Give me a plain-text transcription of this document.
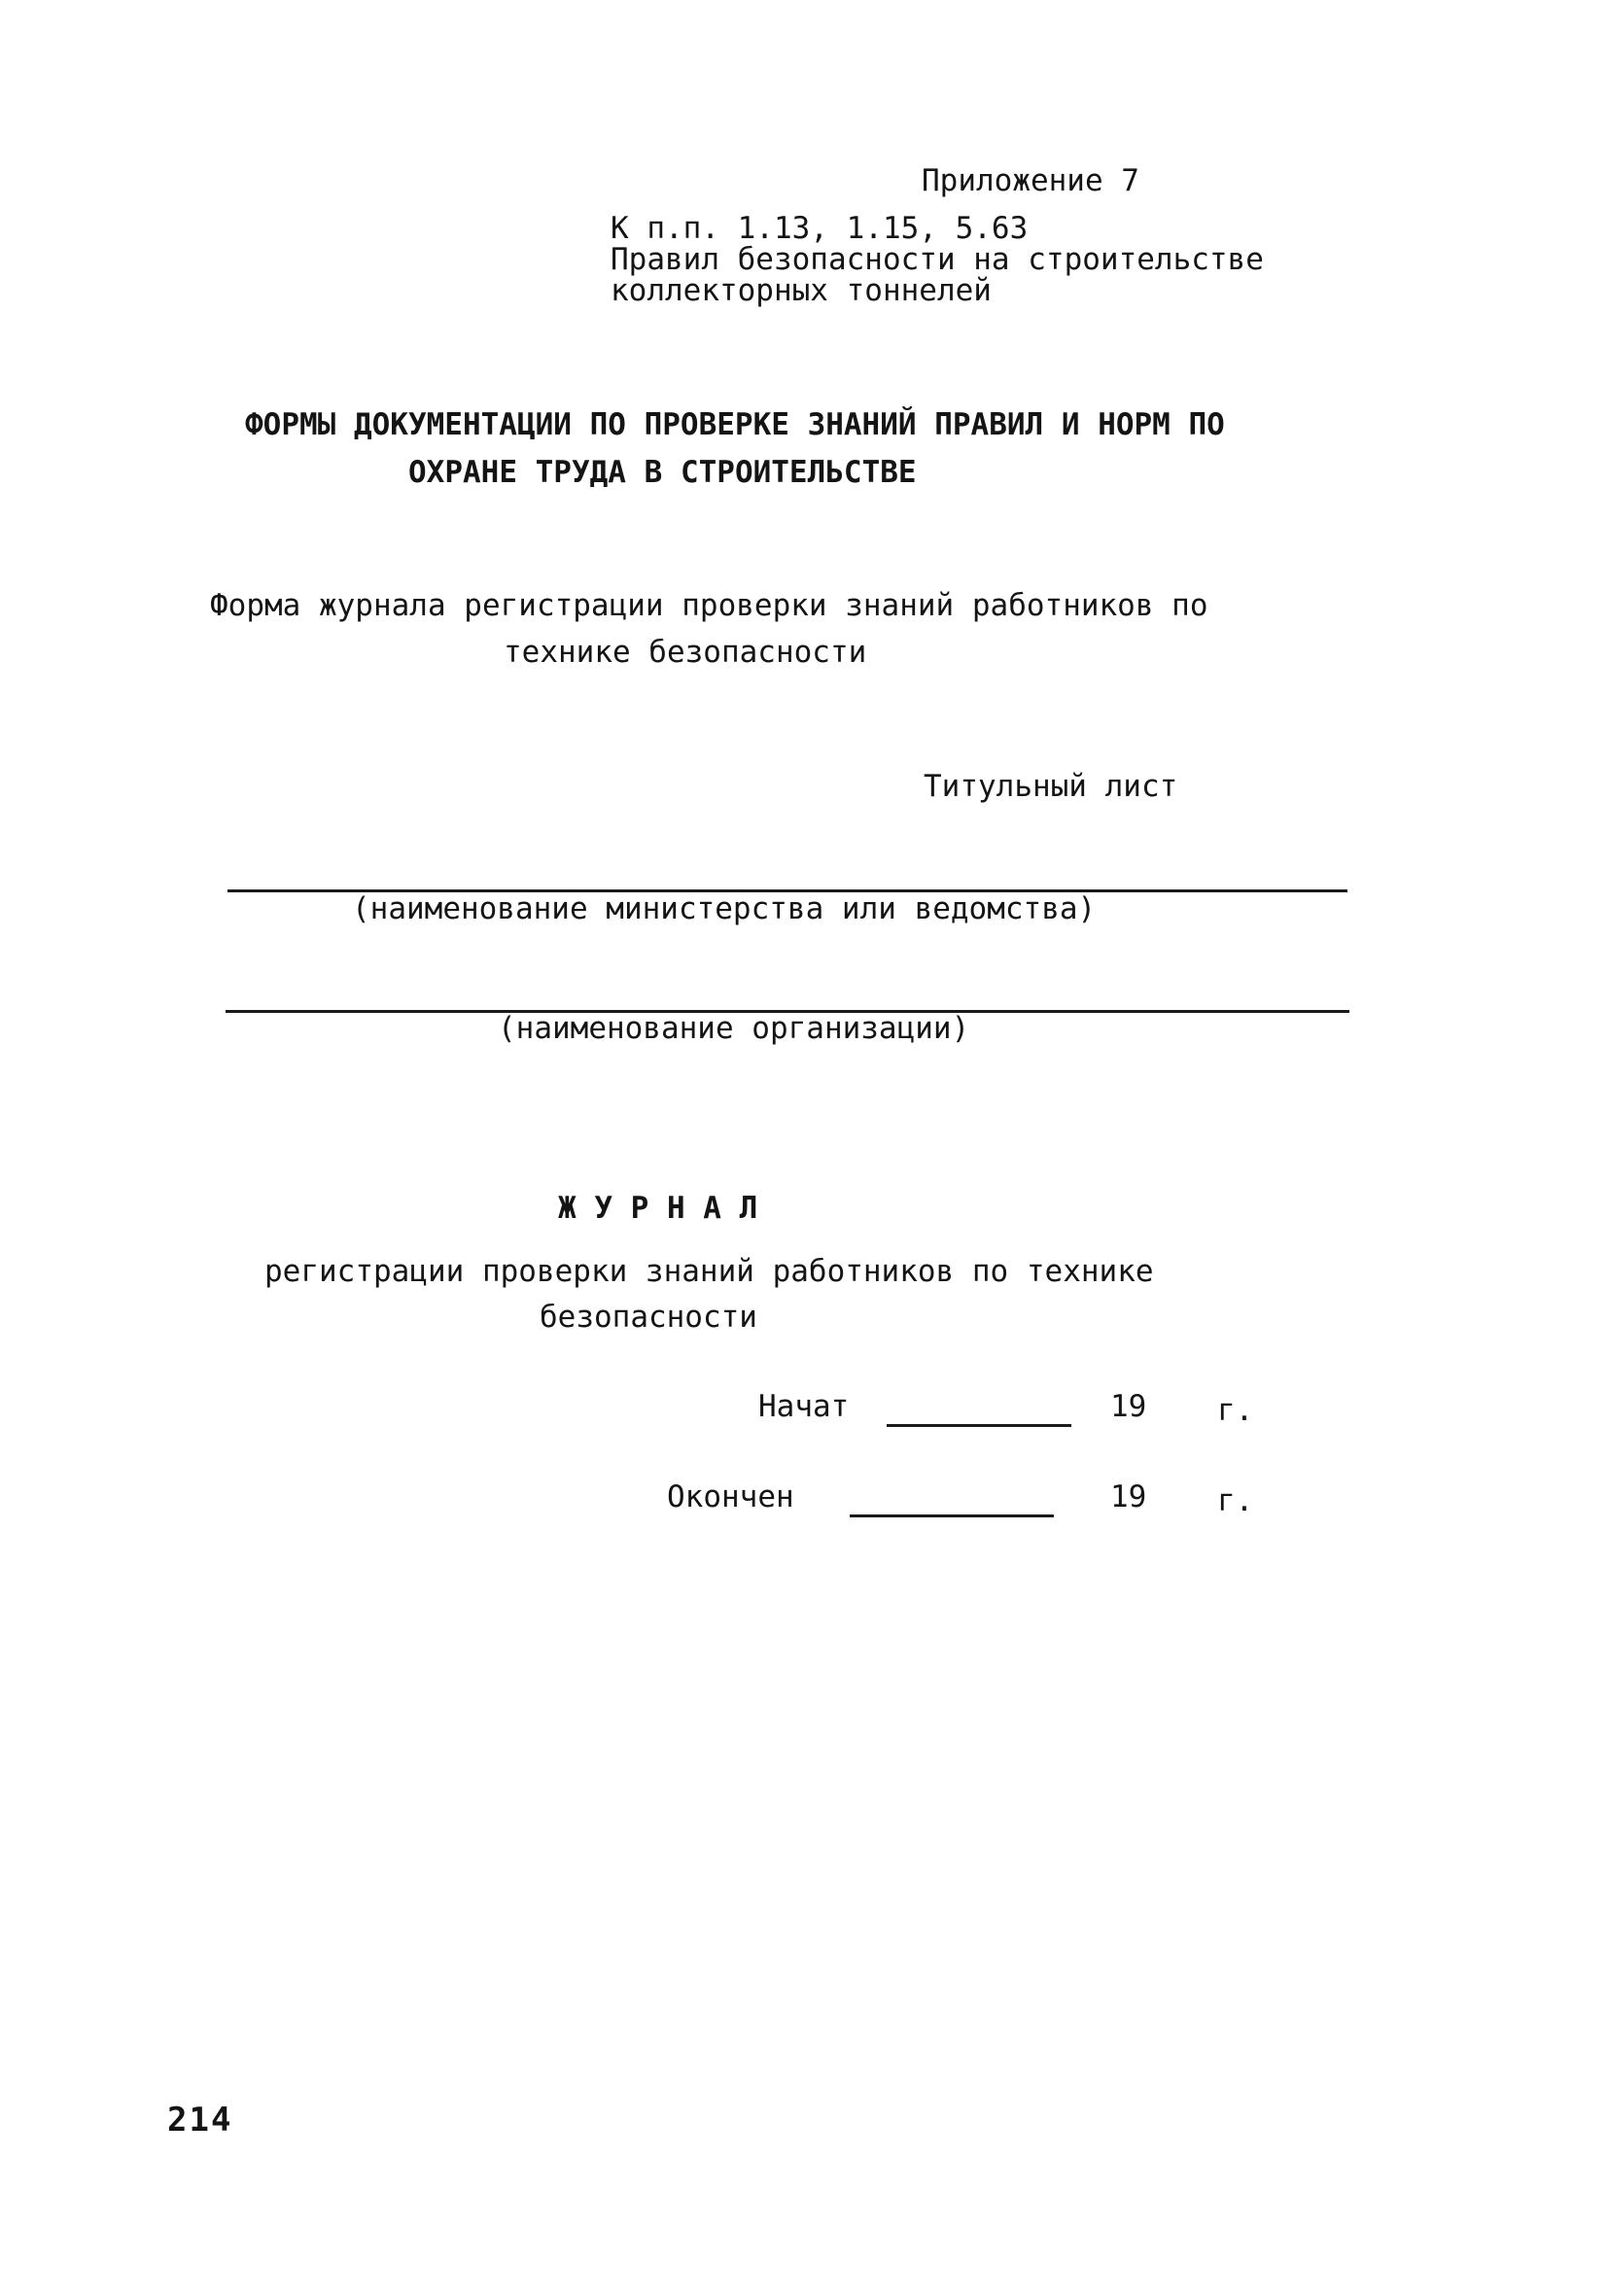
Приложение 7
К п.п. 1.13, 1.15, 5.63
Правил безопасности на строительстве
коллекторных тоннелей
ФОРМЫ ДОКУМЕНТАЦИИ ПО ПРОВЕРКЕ ЗНАНИЙ ПРАВИЛ И НОРМ ПО
ОХРАНЕ ТРУДА В СТРОИТЕЛЬСТВЕ
Форма журнала регистрации проверки знаний работников по
технике безопасности
Титульный лист
(наименование министерства или ведомства)
(наименование организации)
Ж У Р Н А Л
регистрации проверки знаний работников по технике
безопасности
Начат	19 г.
Окончен	19 г.
214
